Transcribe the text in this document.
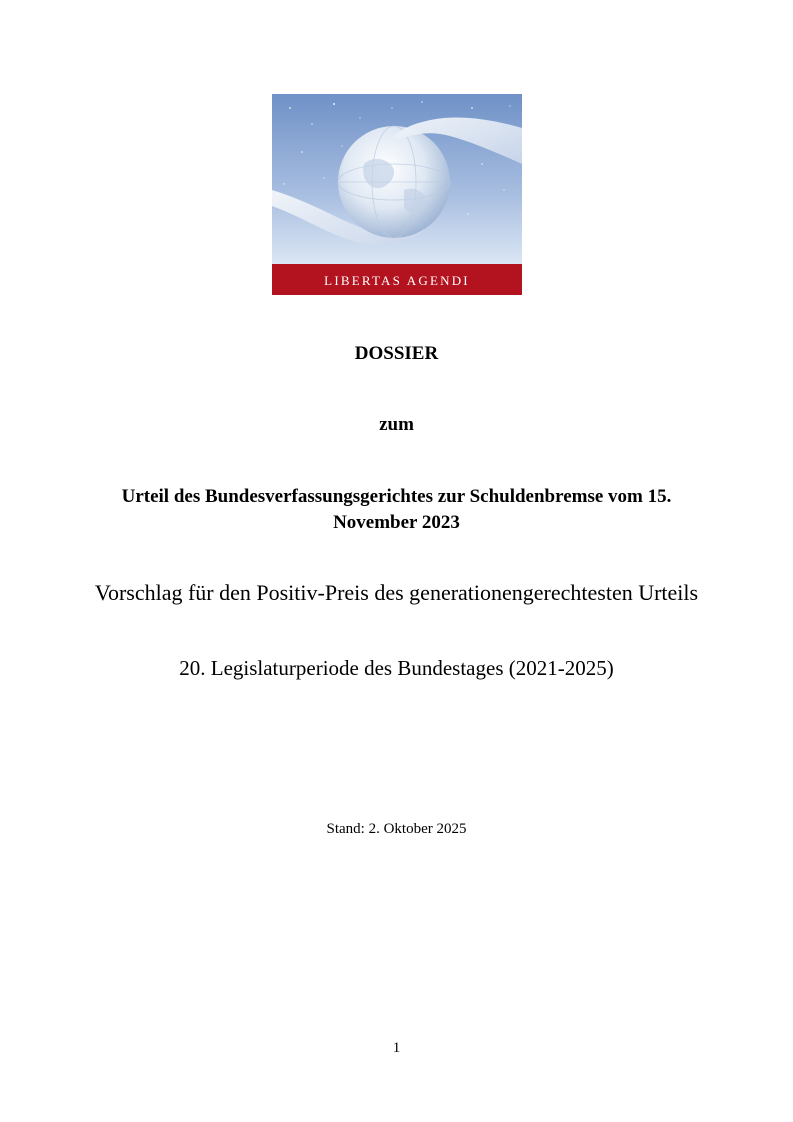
LIBERTAS AGENDI
DOSSIER
zum
Urteil des Bundesverfassungsgerichtes zur Schuldenbremse vom 15.
November 2023
Vorschlag für den Positiv-Preis des generationengerechtesten Urteils
20. Legislaturperiode des Bundestages (2021-2025)
Stand: 2. Oktober 2025
1
